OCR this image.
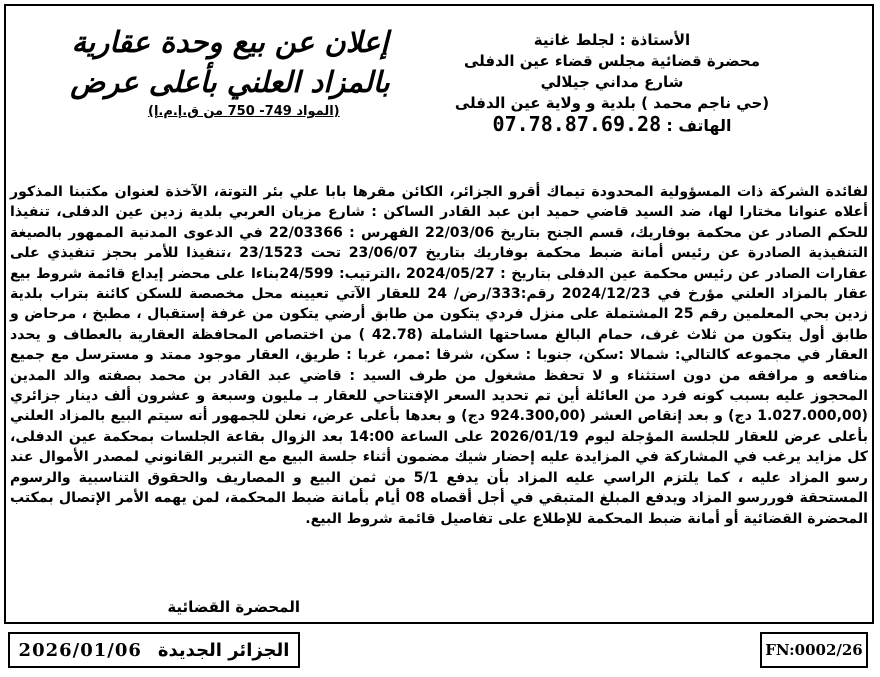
إعلان عن بيع وحدة عقارية
بالمزاد العلني بأعلى عرض
(المواد 749- 750 من ق.إ.م.إ)
الأستاذة : لجلط غانية
محضرة قضائية مجلس قضاء عين الدفلى
شارع مداني جيلالي
(حي ناجم محمد ) بلدية و ولاية عين الدفلى
الهاتف : 07.78.87.69.28
لفائدة الشركة ذات المسؤولية المحدودة تيماك أقرو الجزائر، الكائن مقرها بابا علي بئر التوتة، الآخذة لعنوان مكتبنا المذكور أعلاه عنوانا مختارا لها، ضد السيد قاضي حميد ابن عبد القادر الساكن : شارع مزيان العربي بلدية زدين عين الدفلى، تنفيذا للحكم الصادر عن محكمة بوفاريك، قسم الجنح بتاريخ 22/03/06 الفهرس : 22/03366 في الدعوى المدنية الممهور بالصيغة التنفيذية الصادرة عن رئيس أمانة ضبط محكمة بوفاريك بتاريخ 23/06/07 تحت 23/1523 ،تنفيذا للأمر بحجز تنفيذي على عقارات الصادر عن رئيس محكمة عين الدفلى بتاريخ : 2024/05/27 ،الترتيب: 24/599بناءا على محضر إيداع قائمة شروط بيع عقار بالمزاد العلني مؤرخ في 2024/12/23 رقم:333/رض/ 24 للعقار الآتي تعيينه محل مخصصة للسكن كائنة بتراب بلدية زدين بحي المعلمين رقم 25 المشتملة على منزل فردي يتكون من طابق أرضي يتكون من غرفة إستقبال ، مطبخ ، مرحاض و طابق أول يتكون من ثلاث غرف، حمام البالغ مساحتها الشاملة (42.78 ) من اختصاص المحافظة العقارية بالعطاف و يحدد العقار في مجموعه كالتالي: شمالا :سكن، جنوبا : سكن، شرقا :ممر، غربا : طريق، العقار موجود ممتد و مسترسل مع جميع منافعه و مرافقه من دون استثناء و لا تحفظ مشغول من طرف السيد : قاضي عبد القادر بن محمد بصفته والد المدين المحجوز عليه بسبب كونه فرد من العائلة أين تم تحديد السعر الإفتتاحي للعقار بـ مليون وسبعة و عشرون ألف دينار جزائري (1.027.000,00 دج) و بعد إنقاص العشر (924.300,00 دج) و بعدها بأعلى عرض، نعلن للجمهور أنه سيتم البيع بالمزاد العلني بأعلى عرض للعقار للجلسة المؤجلة ليوم 2026/01/19 على الساعة 14:00 بعد الزوال بقاعة الجلسات بمحكمة عين الدفلى، كل مزايد يرغب في المشاركة في المزايدة عليه إحضار شيك مضمون أثناء جلسة البيع مع التبرير القانوني لمصدر الأموال عند رسو المزاد عليه ، كما يلتزم الراسي عليه المزاد بأن يدفع 5/1 من ثمن البيع و المصاريف والحقوق التناسبية والرسوم المستحقة فوررسو المزاد ويدفع المبلغ المتبقي في أجل أقصاه 08 أيام بأمانة ضبط المحكمة، لمن يهمه الأمر الإتصال بمكتب المحضرة القضائية أو أمانة ضبط المحكمة للإطلاع على تفاصيل قائمة شروط البيع.
المحضرة القضائية
الجزائر الجديدة
2026/01/06	FN:0002/26
